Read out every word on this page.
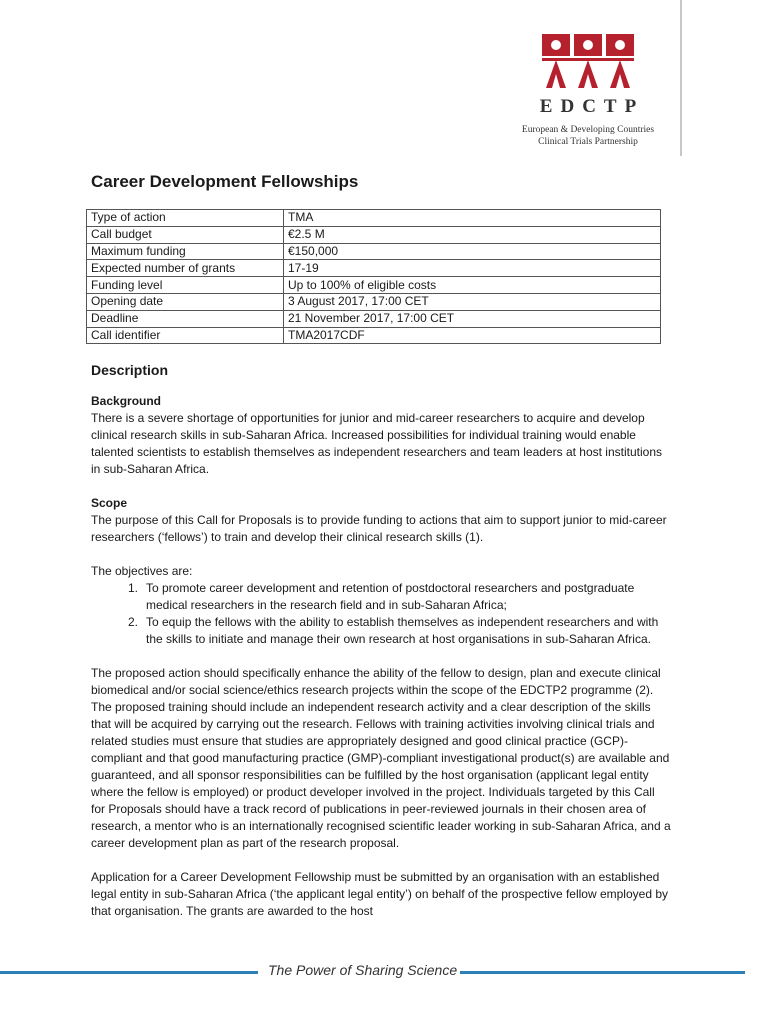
EDCTP
European & Developing Countries
Clinical Trials Partnership
Career Development Fellowships
Type of action	TMA
Call budget	€2.5 M
Maximum funding	€150,000
Expected number of grants	17-19
Funding level	Up to 100% of eligible costs
Opening date	3 August 2017, 17:00 CET
Deadline	21 November 2017, 17:00 CET
Call identifier	TMA2017CDF
Description
Background

There is a severe shortage of opportunities for junior and mid-career researchers to acquire and develop clinical research skills in sub-Saharan Africa. Increased possibilities for individual training would enable talented scientists to establish themselves as independent researchers and team leaders at host institutions in sub-Saharan Africa.

Scope

The purpose of this Call for Proposals is to provide funding to actions that aim to support junior to mid-career researchers (‘fellows’) to train and develop their clinical research skills (1).

The objectives are:

1. To promote career development and retention of postdoctoral researchers and postgraduate medical researchers in the research field and in sub-Saharan Africa;
2. To equip the fellows with the ability to establish themselves as independent researchers and with the skills to initiate and manage their own research at host organisations in sub-Saharan Africa.

The proposed action should specifically enhance the ability of the fellow to design, plan and execute clinical biomedical and/or social science/ethics research projects within the scope of the EDCTP2 programme (2). The proposed training should include an independent research activity and a clear description of the skills that will be acquired by carrying out the research. Fellows with training activities involving clinical trials and related studies must ensure that studies are appropriately designed and good clinical practice (GCP)-compliant and that good manufacturing practice (GMP)-compliant investigational product(s) are available and guaranteed, and all sponsor responsibilities can be fulfilled by the host organisation (applicant legal entity where the fellow is employed) or product developer involved in the project. Individuals targeted by this Call for Proposals should have a track record of publications in peer-reviewed journals in their chosen area of research, a mentor who is an internationally recognised scientific leader working in sub-Saharan Africa, and a career development plan as part of the research proposal.

Application for a Career Development Fellowship must be submitted by an organisation with an established legal entity in sub-Saharan Africa (‘the applicant legal entity’) on behalf of the prospective fellow employed by that organisation. The grants are awarded to the host

The Power of Sharing Science
